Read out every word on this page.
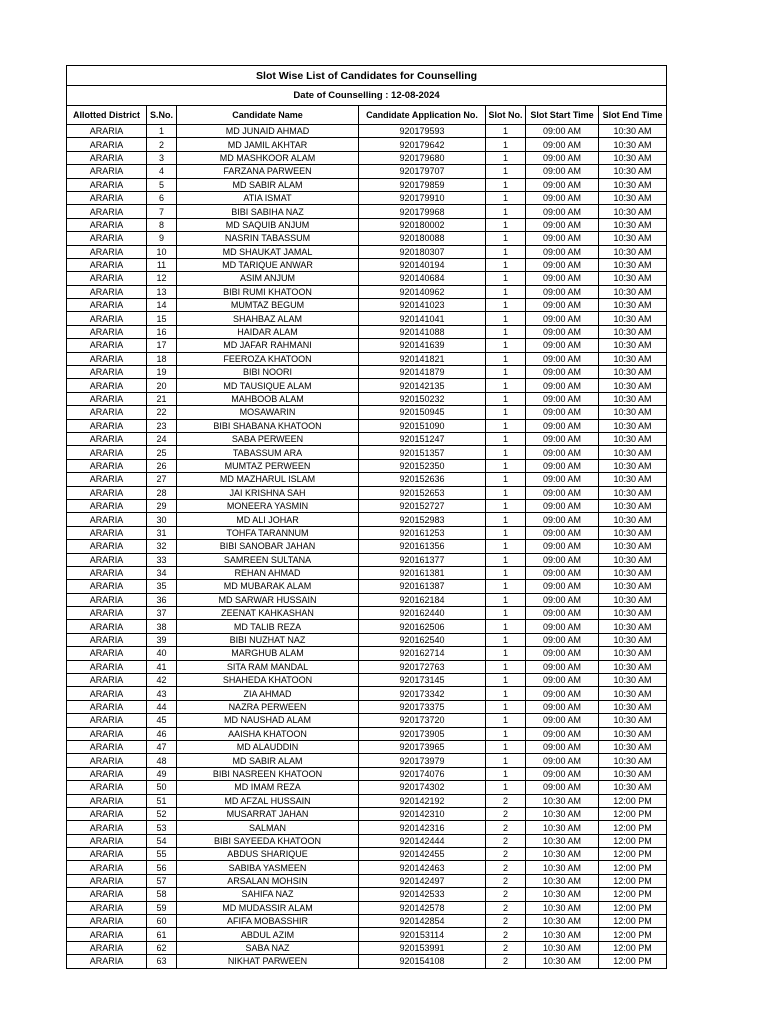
Slot Wise List of Candidates for Counselling						
Date of Counselling : 12-08-2024						
Allotted District	S.No.	Candidate Name	Candidate Application No.	Slot No.	Slot Start Time	Slot End Time
ARARIA	1	MD JUNAID AHMAD	920179593	1	09:00 AM	10:30 AM
ARARIA	2	MD JAMIL AKHTAR	920179642	1	09:00 AM	10:30 AM
ARARIA	3	MD MASHKOOR ALAM	920179680	1	09:00 AM	10:30 AM
ARARIA	4	FARZANA PARWEEN	920179707	1	09:00 AM	10:30 AM
ARARIA	5	MD SABIR ALAM	920179859	1	09:00 AM	10:30 AM
ARARIA	6	ATIA ISMAT	920179910	1	09:00 AM	10:30 AM
ARARIA	7	BIBI SABIHA NAZ	920179968	1	09:00 AM	10:30 AM
ARARIA	8	MD SAQUIB ANJUM	920180002	1	09:00 AM	10:30 AM
ARARIA	9	NASRIN TABASSUM	920180088	1	09:00 AM	10:30 AM
ARARIA	10	MD SHAUKAT JAMAL	920180307	1	09:00 AM	10:30 AM
ARARIA	11	MD TARIQUE ANWAR	920140194	1	09:00 AM	10:30 AM
ARARIA	12	ASIM ANJUM	920140684	1	09:00 AM	10:30 AM
ARARIA	13	BIBI RUMI KHATOON	920140962	1	09:00 AM	10:30 AM
ARARIA	14	MUMTAZ BEGUM	920141023	1	09:00 AM	10:30 AM
ARARIA	15	SHAHBAZ ALAM	920141041	1	09:00 AM	10:30 AM
ARARIA	16	HAIDAR ALAM	920141088	1	09:00 AM	10:30 AM
ARARIA	17	MD JAFAR RAHMANI	920141639	1	09:00 AM	10:30 AM
ARARIA	18	FEEROZA KHATOON	920141821	1	09:00 AM	10:30 AM
ARARIA	19	BIBI NOORI	920141879	1	09:00 AM	10:30 AM
ARARIA	20	MD TAUSIQUE ALAM	920142135	1	09:00 AM	10:30 AM
ARARIA	21	MAHBOOB ALAM	920150232	1	09:00 AM	10:30 AM
ARARIA	22	MOSAWARIN	920150945	1	09:00 AM	10:30 AM
ARARIA	23	BIBI SHABANA KHATOON	920151090	1	09:00 AM	10:30 AM
ARARIA	24	SABA PERWEEN	920151247	1	09:00 AM	10:30 AM
ARARIA	25	TABASSUM ARA	920151357	1	09:00 AM	10:30 AM
ARARIA	26	MUMTAZ PERWEEN	920152350	1	09:00 AM	10:30 AM
ARARIA	27	MD MAZHARUL ISLAM	920152636	1	09:00 AM	10:30 AM
ARARIA	28	JAI KRISHNA SAH	920152653	1	09:00 AM	10:30 AM
ARARIA	29	MONEERA YASMIN	920152727	1	09:00 AM	10:30 AM
ARARIA	30	MD ALI JOHAR	920152983	1	09:00 AM	10:30 AM
ARARIA	31	TOHFA TARANNUM	920161253	1	09:00 AM	10:30 AM
ARARIA	32	BIBI SANOBAR JAHAN	920161356	1	09:00 AM	10:30 AM
ARARIA	33	SAMREEN SULTANA	920161377	1	09:00 AM	10:30 AM
ARARIA	34	REHAN AHMAD	920161381	1	09:00 AM	10:30 AM
ARARIA	35	MD MUBARAK ALAM	920161387	1	09:00 AM	10:30 AM
ARARIA	36	MD SARWAR HUSSAIN	920162184	1	09:00 AM	10:30 AM
ARARIA	37	ZEENAT KAHKASHAN	920162440	1	09:00 AM	10:30 AM
ARARIA	38	MD TALIB REZA	920162506	1	09:00 AM	10:30 AM
ARARIA	39	BIBI NUZHAT NAZ	920162540	1	09:00 AM	10:30 AM
ARARIA	40	MARGHUB ALAM	920162714	1	09:00 AM	10:30 AM
ARARIA	41	SITA RAM MANDAL	920172763	1	09:00 AM	10:30 AM
ARARIA	42	SHAHEDA KHATOON	920173145	1	09:00 AM	10:30 AM
ARARIA	43	ZIA AHMAD	920173342	1	09:00 AM	10:30 AM
ARARIA	44	NAZRA PERWEEN	920173375	1	09:00 AM	10:30 AM
ARARIA	45	MD NAUSHAD ALAM	920173720	1	09:00 AM	10:30 AM
ARARIA	46	AAISHA KHATOON	920173905	1	09:00 AM	10:30 AM
ARARIA	47	MD ALAUDDIN	920173965	1	09:00 AM	10:30 AM
ARARIA	48	MD SABIR ALAM	920173979	1	09:00 AM	10:30 AM
ARARIA	49	BIBI NASREEN KHATOON	920174076	1	09:00 AM	10:30 AM
ARARIA	50	MD IMAM REZA	920174302	1	09:00 AM	10:30 AM
ARARIA	51	MD AFZAL HUSSAIN	920142192	2	10:30 AM	12:00 PM
ARARIA	52	MUSARRAT JAHAN	920142310	2	10:30 AM	12:00 PM
ARARIA	53	SALMAN	920142316	2	10:30 AM	12:00 PM
ARARIA	54	BIBI SAYEEDA KHATOON	920142444	2	10:30 AM	12:00 PM
ARARIA	55	ABDUS SHARIQUE	920142455	2	10:30 AM	12:00 PM
ARARIA	56	SABIBA YASMEEN	920142463	2	10:30 AM	12:00 PM
ARARIA	57	ARSALAN MOHSIN	920142497	2	10:30 AM	12:00 PM
ARARIA	58	SAHIFA NAZ	920142533	2	10:30 AM	12:00 PM
ARARIA	59	MD MUDASSIR ALAM	920142578	2	10:30 AM	12:00 PM
ARARIA	60	AFIFA MOBASSHIR	920142854	2	10:30 AM	12:00 PM
ARARIA	61	ABDUL AZIM	920153114	2	10:30 AM	12:00 PM
ARARIA	62	SABA NAZ	920153991	2	10:30 AM	12:00 PM
ARARIA	63	NIKHAT PARWEEN	920154108	2	10:30 AM	12:00 PM
